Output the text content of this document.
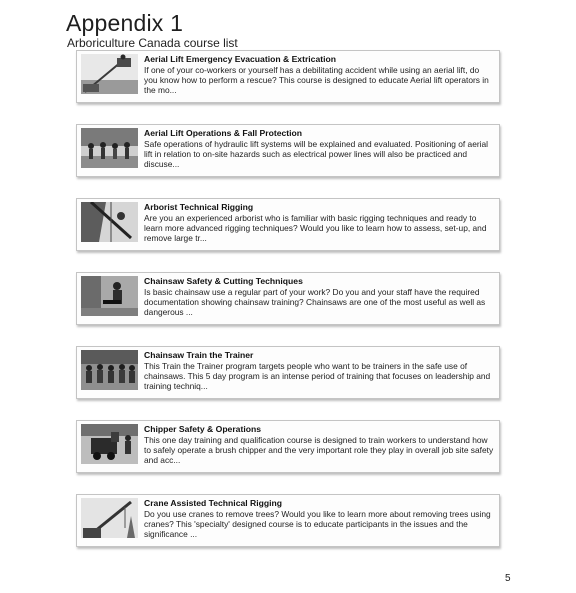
Appendix 1
Arboriculture Canada course list
Aerial Lift Emergency Evacuation & Extrication
If one of your co-workers or yourself has a debilitating accident while using an aerial lift, do you know how to perform a rescue? This course is designed to educate Aerial lift operators in the mo...
Aerial Lift Operations & Fall Protection
Safe operations of hydraulic lift systems will be explained and evaluated. Positioning of aerial lift in relation to on-site hazards such as electrical power lines will also be practiced and discuse...
Arborist Technical Rigging
Are you an experienced arborist who is familiar with basic rigging techniques and ready to learn more advanced rigging techniques? Would you like to learn how to assess, set-up, and remove large tr...
Chainsaw Safety & Cutting Techniques
Is basic chainsaw use a regular part of your work? Do you and your staff have the required documentation showing chainsaw training? Chainsaws are one of the most useful as well as dangerous ...
Chainsaw Train the Trainer
This Train the Trainer program targets people who want to be trainers in the safe use of chainsaws. This 5 day program is an intense period of training that focuses on leadership and training techniq...
Chipper Safety & Operations
This one day training and qualification course is designed to train workers to understand how to safely operate a brush chipper and the very important role they play in overall job site safety and acc...
Crane Assisted Technical Rigging
Do you use cranes to remove trees? Would you like to learn more about removing trees using cranes? This 'specialty' designed course is to educate participants in the issues and the significance ...
5
